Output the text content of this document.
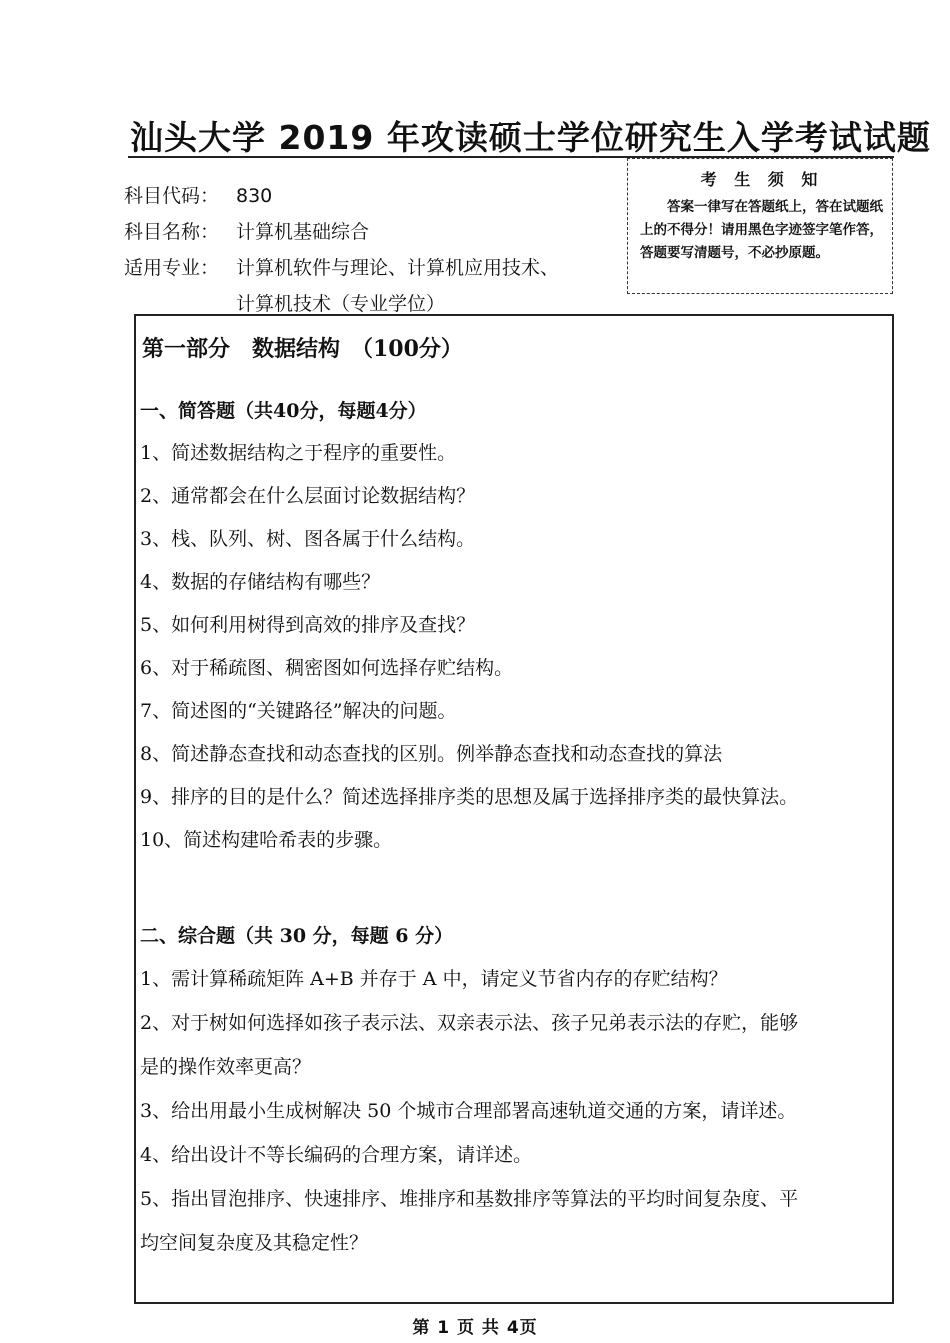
汕头大学 2019 年攻读硕士学位研究生入学考试试题
科目代码： 830
科目名称： 计算机基础综合
适用专业： 计算机软件与理论、计算机应用技术、
计算机技术（专业学位）
考 生 须 知
答案一律写在答题纸上，答在试题纸上的不得分！请用黑色字迹签字笔作答，答题要写清题号，不必抄原题。
第一部分　数据结构　（100分）
一、简答题（共40分，每题4分）
1、简述数据结构之于程序的重要性。
2、通常都会在什么层面讨论数据结构？
3、栈、队列、树、图各属于什么结构。
4、数据的存储结构有哪些？
5、如何利用树得到高效的排序及查找？
6、对于稀疏图、稠密图如何选择存贮结构。
7、简述图的“关键路径”解决的问题。
8、简述静态查找和动态查找的区别。例举静态查找和动态查找的算法
9、排序的目的是什么？简述选择排序类的思想及属于选择排序类的最快算法。
10、简述构建哈希表的步骤。
二、综合题（共 30 分，每题 6 分）
1、需计算稀疏矩阵 A+B 并存于 A 中，请定义节省内存的存贮结构？
2、对于树如何选择如孩子表示法、双亲表示法、孩子兄弟表示法的存贮，能够
是的操作效率更高？
3、给出用最小生成树解决 50 个城市合理部署高速轨道交通的方案，请详述。
4、给出设计不等长编码的合理方案，请详述。
5、指出冒泡排序、快速排序、堆排序和基数排序等算法的平均时间复杂度、平
均空间复杂度及其稳定性？
第 1 页 共 4页
